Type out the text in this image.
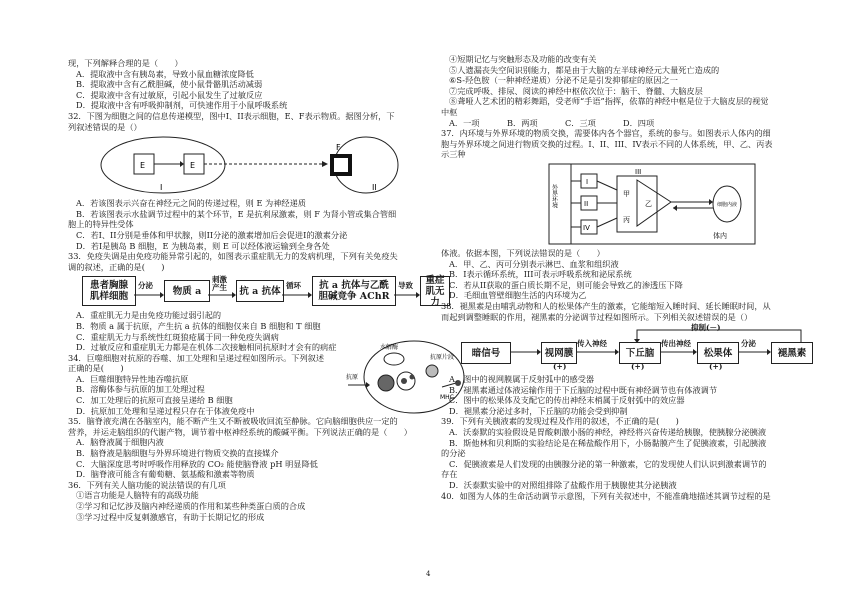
现，下列解释合理的是（　　）
A．提取液中含有胰岛素，导致小鼠血糖浓度降低
B．提取液中含有乙酰胆碱，使小鼠骨骼肌活动减弱
C．提取液中含有过敏原，引起小鼠发生了过敏反应
D．提取液中含有呼吸抑制剂，可快速作用于小鼠呼吸系统
32．下图为细胞之间的信息传递模型，图中I、II表示细胞，E、F表示物质。据图分析，下
列叙述错误的是（）
E	E
F
I	II
A．若该图表示兴奋在神经元之间的传递过程，则 E 为神经递质
B．若该图表示水盐调节过程中的某个环节，E 是抗利尿激素，则 F 为肾小管或集合管细
胞上的特异性受体
C．若I、II分别是垂体和甲状腺，则II分泌的激素增加后会促进I的激素分泌
D．若I是胰岛 B 细胞，E 为胰岛素，则 E 可以经体液运输到全身各处
33．免疫失调是由免疫功能异常引起的，如图表示重症肌无力的发病机理，下列有关免疫失
调的叙述，正确的是(　　)
患者胸腺
肌样细胞
分泌	物质 a
刺激
产生	抗 a 抗体 循环	抗 a 抗体与乙酰
胆碱竞争 AChR
导致	重症
肌无力
A．重症肌无力是由免疫功能过弱引起的
B．物质 a 属于抗原，产生抗 a 抗体的细胞仅来自 B 细胞和 T 细胞
C．重症肌无力与系统性红斑狼疮属于同一种免疫失调病
D．过敏反应和重症肌无力都是在机体二次接触相同抗原时才会有的病症
34．巨噬细胞对抗原的吞噬、加工处理和呈递过程如图所示。下列叙述
正确的是(　　)
A．巨噬细胞特异性地吞噬抗原
B．溶酶体参与抗原的加工处理过程
C．加工处理后的抗原可直接呈递给 B 细胞
D．抗原加工处理和呈递过程只存在于体液免疫中
35．脑脊液充满在各脑室内，能不断产生又不断被吸收回流至静脉。它向脑细胞供应一定的
营养，并运走脑组织的代谢产物，调节着中枢神经系统的酸碱平衡。下列说法正确的是（　　）
A．脑脊液属于细胞内液
B．脑脊液是脑细胞与外界环境进行物质交换的直接媒介
C．大脑深度思考时呼吸作用释放的 CO₂ 能使脑脊液 pH 明显降低
D．脑脊液可能含有葡萄糖、氨基酸和激素等物质
36．下列有关人脑功能的说法错误的有几项
①语言功能是人脑特有的高级功能
②学习和记忆涉及脑内神经递质的作用和某些种类蛋白质的合成
③学习过程中反复刺激感官，有助于长期记忆的形成
抗原
水解酶
抗原片段
MHC
④短期记忆与突触形态及功能的改变有关
⑤人遗漏丧失空间识别能力，都是由于大脑的左半球神经元大量死亡造成的
⑥S-羟色胺（一种神经递质）分泌不足是引发抑郁症的原因之一
⑦完成呼吸、排尿、阅读的神经中枢依次位于：脑干、脊髓、大脑皮层
⑧聋哑人艺术团的精彩舞蹈，受老师“手语”指挥，依靠的神经中枢是位于大脑皮层的视觉
中枢
A．一项	B．两项	C．三项	D．四项
37．内环境与外界环境的物质交换，需要体内各个器官，系统的参与。如图表示人体内的细
胞与外界环境之间进行物质交换的过程。I、II、III、IV表示不同的人体系统，甲、乙、丙表
示三种
外界环境
I
II
III
IV
甲
乙
丙
细胞内液
体内
体液。依据本图，下列说法错误的是（　　）
A．甲、乙、丙可分别表示淋巴、血浆和组织液
B．I表示循环系统，III可表示呼吸系统和泌尿系统
C．若从II获取的蛋白质长期不足，则可能会导致乙的渗透压下降
D．毛细血管壁细胞生活的内环境为乙
38．褪黑素是由哺乳动物和人的松果体产生的激素，它能缩短入睡时间、延长睡眠时间，从
而起到调整睡眠的作用，褪黑素的分泌调节过程如图所示。下列相关叙述错误的是（）
抑制(－)
暗信号	视网膜
传入神经
下丘脑
传出神经
松果体
分泌
褪黑素
(+)	(+)	(+)
A．图中的视网膜属于反射弧中的感受器
B．褪黑素通过体液运输作用于下丘脑的过程中既有神经调节也有体液调节
C．图中的松果体及支配它的传出神经末梢属于反射弧中的效应器
D．褪黑素分泌过多时，下丘脑的功能会受到抑制
39．下列有关胰液素的发现过程及作用的叙述，不正确的是(　　)
A．沃泰默的实验假设是胃酸刺激小肠的神经，神经将兴奋传递给胰腺，使胰腺分泌胰液
B．斯他林和贝利斯的实验结论是在稀盐酸作用下，小肠黏膜产生了促胰液素，引起胰液
的分泌
C．促胰液素是人们发现的由胰腺分泌的第一种激素，它的发现使人们认识到激素调节的
存在
D．沃泰默实验中的对照组排除了盐酸作用于胰腺使其分泌胰液
40．如图为人体的生命活动调节示意图，下列有关叙述中，不能准确地描述其调节过程的是
4
